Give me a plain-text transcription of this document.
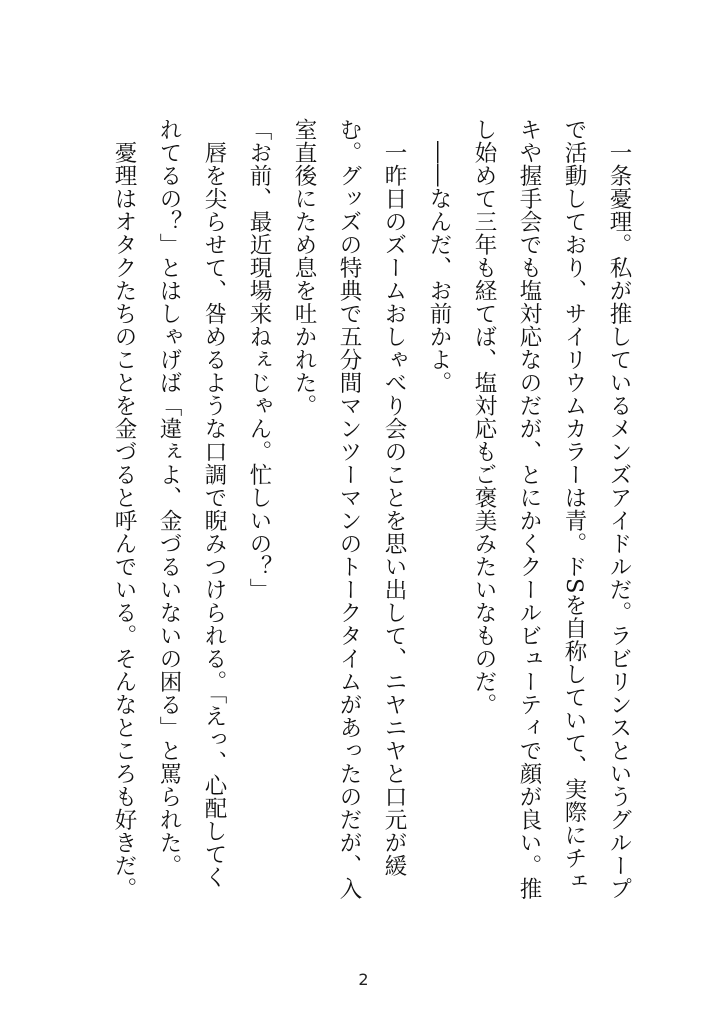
一条憂理。私が推しているメンズアイドルだ。ラビリンスというグループで活動しており、サイリウムカラーは青。ドSを自称していて、実際にチェキや握手会でも塩対応なのだが、とにかくクールビューティで顔が良い。推し始めて三年も経てば、塩対応もご褒美みたいなものだ。

――なんだ、お前かよ。

一昨日のズームおしゃべり会のことを思い出して、ニヤニヤと口元が緩む。グッズの特典で五分間マンツーマンのトークタイムがあったのだが、入室直後にため息を吐かれた。

「お前、最近現場来ねぇじゃん。忙しいの？」

唇を尖らせて、咎めるような口調で睨みつけられる。「えっ、心配してくれてるの？」とはしゃげば「違ぇよ、金づるいないの困る」と罵られた。

憂理はオタクたちのことを金づると呼んでいる。そんなところも好きだ。

2
